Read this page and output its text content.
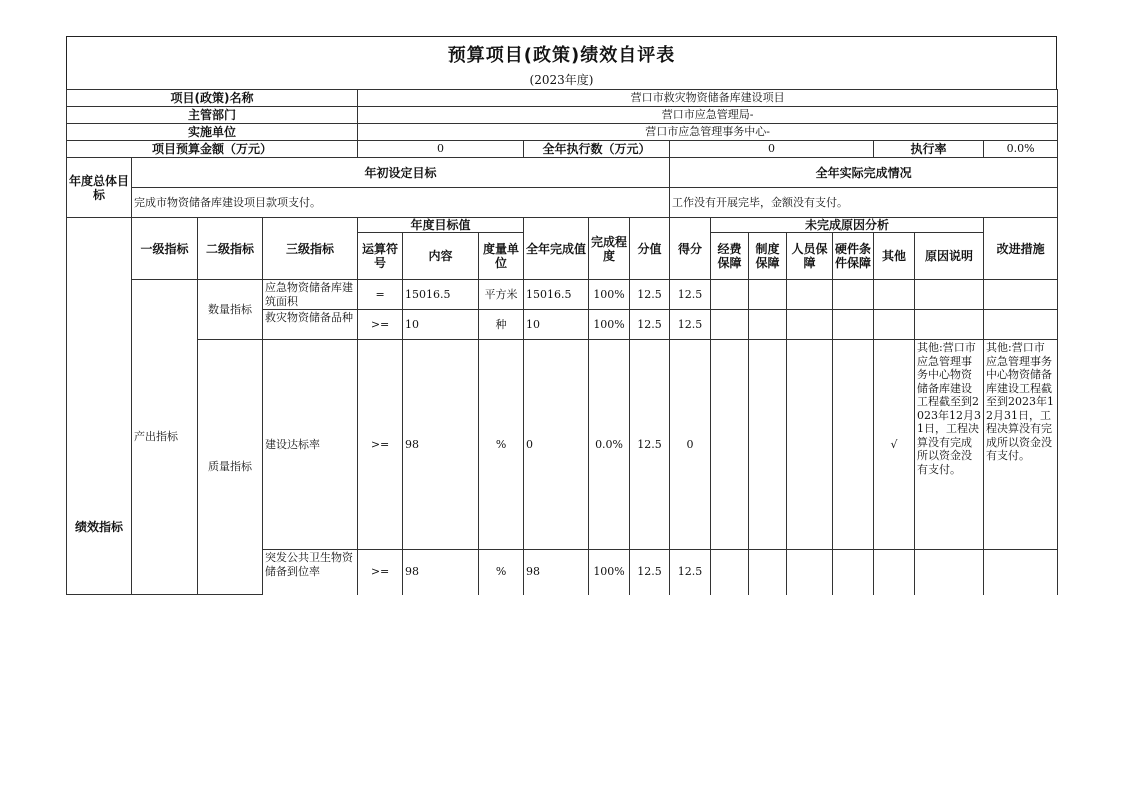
预算项目(政策)绩效自评表
(2023年度)
项目(政策)名称				营口市救灾物资储备库建设项目													
主管部门				营口市应急管理局-													
实施单位				营口市应急管理事务中心-													
项目预算金额（万元）				0			全年执行数（万元）			0					执行率		0.0%
年度总体目标	年初设定目标									全年实际完成情况							
	完成市物资储备库建设项目款项支付。									工作没有开展完毕，金额没有支付。							
绩效指标	一级指标	二级指标	三级指标	年度目标值			全年完成值	完成程度	分值	得分	未完成原因分析						改进措施
				运算符号	内容	度量单位					经费保障	制度保障	人员保障	硬件条件保障	其他	原因说明	
	产出指标	数量指标	应急物资储备库建筑面积	=	15016.5	平方米	15016.5	100%	12.5	12.5							
			救灾物资储备品种	>=	10	种	10	100%	12.5	12.5							
		质量指标	建设达标率	>=	98	%	0	0.0%	12.5	0					√	其他:营口市应急管理事务中心物资储备库建设工程截至到2023年12月31日，工程决算没有完成所以资金没有支付。	其他:营口市应急管理事务中心物资储备库建设工程截至到2023年12月31日，工程决算没有完成所以资金没有支付。
			突发公共卫生物资储备到位率	>=	98	%	98	100%	12.5	12.5							
